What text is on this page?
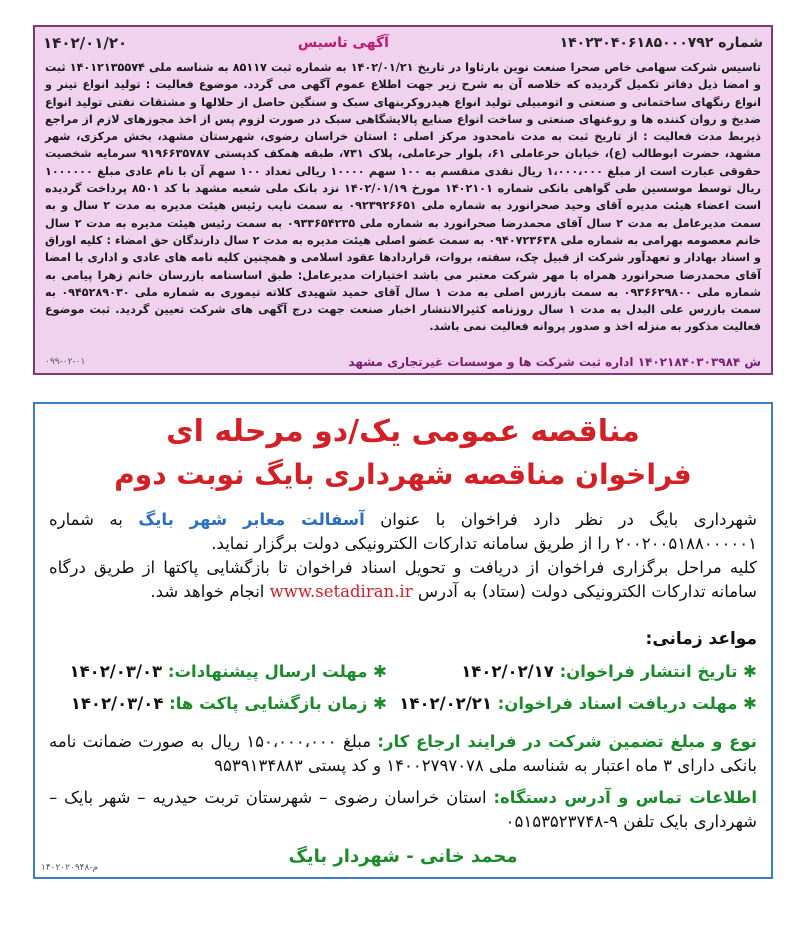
شماره ۱۴۰۲۳۰۴۰۶۱۸۵۰۰۰۷۹۲
آگهی تاسیس
۱۴۰۲/۰۱/۲۰
تاسیس شرکت سهامی خاص صحرا صنعت نوین بارثاوا در تاریخ ۱۴۰۲/۰۱/۲۱ به شماره ثبت ۸۵۱۱۷ به شناسه ملی ۱۴۰۱۲۱۳۵۵۷۴ ثبت و امضا ذیل دفاتر تکمیل گردیده که خلاصه آن به شرح زیر جهت اطلاع عموم آگهی می گردد. موضوع فعالیت : تولید انواع تینر و انواع رنگهای ساختمانی و صنعتی و اتومبیلی تولید انواع هیدروکربنهای سبک و سنگین حاصل از حلالها و مشتقات نفتی تولید انواع ضدیخ و روان کننده ها و روغنهای صنعتی و ساخت انواع صنایع پالایشگاهی سبک در صورت لزوم پس از اخذ مجوزهای لازم از مراجع ذیربط مدت فعالیت : از تاریخ ثبت به مدت نامحدود مرکز اصلی : استان خراسان رضوی، شهرستان مشهد، بخش مرکزی، شهر مشهد، حضرت ابوطالب (ع)، خیابان حرعاملی ۶۱، بلوار حرعاملی، پلاک ۷۳۱، طبقه همکف کدپستی ۹۱۹۶۶۳۵۷۸۷ سرمایه شخصیت حقوقی عبارت است از مبلغ ۱،۰۰۰،۰۰۰ ریال نقدی منقسم به ۱۰۰ سهم ۱۰۰۰۰ ریالی تعداد ۱۰۰ سهم آن با نام عادی مبلغ ۱۰۰۰۰۰۰ ریال توسط موسسین طی گواهی بانکی شماره ۱۴۰۲۱۰۱ مورخ ۱۴۰۲/۰۱/۱۹ نزد بانک ملی شعبه مشهد با کد ۸۵۰۱ پرداخت گردیده است اعضاء هیئت مدیره آقای وحید صحرانورد به شماره ملی ۰۹۲۳۹۲۶۶۵۱ به سمت نایب رئیس هیئت مدیره به مدت ۲ سال و به سمت مدیرعامل به مدت ۲ سال آقای محمدرضا صحرانورد به شماره ملی ۰۹۳۳۶۵۴۲۳۵ به سمت رئیس هیئت مدیره به مدت ۲ سال خانم معصومه بهرامی به شماره ملی ۰۹۴۰۷۲۳۶۳۸ به سمت عضو اصلی هیئت مدیره به مدت ۲ سال دارندگان حق امضاء : کلیه اوراق و اسناد بهادار و تعهدآور شرکت از قبیل چک، سفته، بروات، قراردادها عقود اسلامی و همچنین کلیه نامه های عادی و اداری با امضا آقای محمدرضا صحرانورد همراه با مهر شرکت معتبر می باشد اختیارات مدیرعامل: طبق اساسنامه بازرسان خانم زهرا پیامی به شماره ملی ۰۹۳۶۶۲۹۸۰۰ به سمت بازرس اصلی به مدت ۱ سال آقای حمید شهیدی کلاته تیموری به شماره ملی ۰۹۴۵۲۸۹۰۳۰ به سمت بازرس علی البدل به مدت ۱ سال روزنامه کثیرالانتشار اخبار صنعت جهت درج آگهی های شرکت تعیین گردید. ثبت موضوع فعالیت مذکور به منزله اخذ و صدور پروانه فعالیت نمی باشد.
ش ۱۴۰۲۱۸۴۰۳۰۳۹۸۴ اداره ثبت شرکت ها و موسسات غیرتجاری مشهد
۰۹۹-۰۲-۰۱
مناقصه عمومی یک/دو مرحله ای
فراخوان مناقصه شهرداری بایگ نوبت دوم
شهرداری بایگ در نظر دارد فراخوان با عنوان آسفالت معابر شهر بایگ به شماره ۲۰۰۲۰۰۵۱۸۸۰۰۰۰۰۱ را از طریق سامانه تدارکات الکترونیکی دولت برگزار نماید.
کلیه مراحل برگزاری فراخوان از دریافت و تحویل اسناد فراخوان تا بازگشایی پاکتها از طریق درگاه سامانه تدارکات الکترونیکی دولت (ستاد) به آدرس www.setadiran.ir انجام خواهد شد.
مواعد زمانی:
✱ تاریخ انتشار فراخوان: ۱۴۰۲/۰۲/۱۷
✱ مهلت ارسال پیشنهادات: ۱۴۰۲/۰۳/۰۳
✱ مهلت دریافت اسناد فراخوان: ۱۴۰۲/۰۲/۲۱
✱ زمان بازگشایی پاکت ها: ۱۴۰۲/۰۳/۰۴
نوع و مبلغ تضمین شرکت در فرایند ارجاع کار: مبلغ ۱۵۰،۰۰۰،۰۰۰ ریال به صورت ضمانت نامه بانکی دارای ۳ ماه اعتبار به شناسه ملی ۱۴۰۰۲۷۹۷۰۷۸ و کد پستی ۹۵۳۹۱۳۴۸۸۳
اطلاعات تماس و آدرس دستگاه: استان خراسان رضوی – شهرستان تربت حیدریه – شهر بایک – شهرداری بایک تلفن ۹-۰۵۱۵۳۵۲۳۷۴۸
محمد خانی - شهردار بایگ
۱۴۰۲۰۲۰۹۴۸-م
